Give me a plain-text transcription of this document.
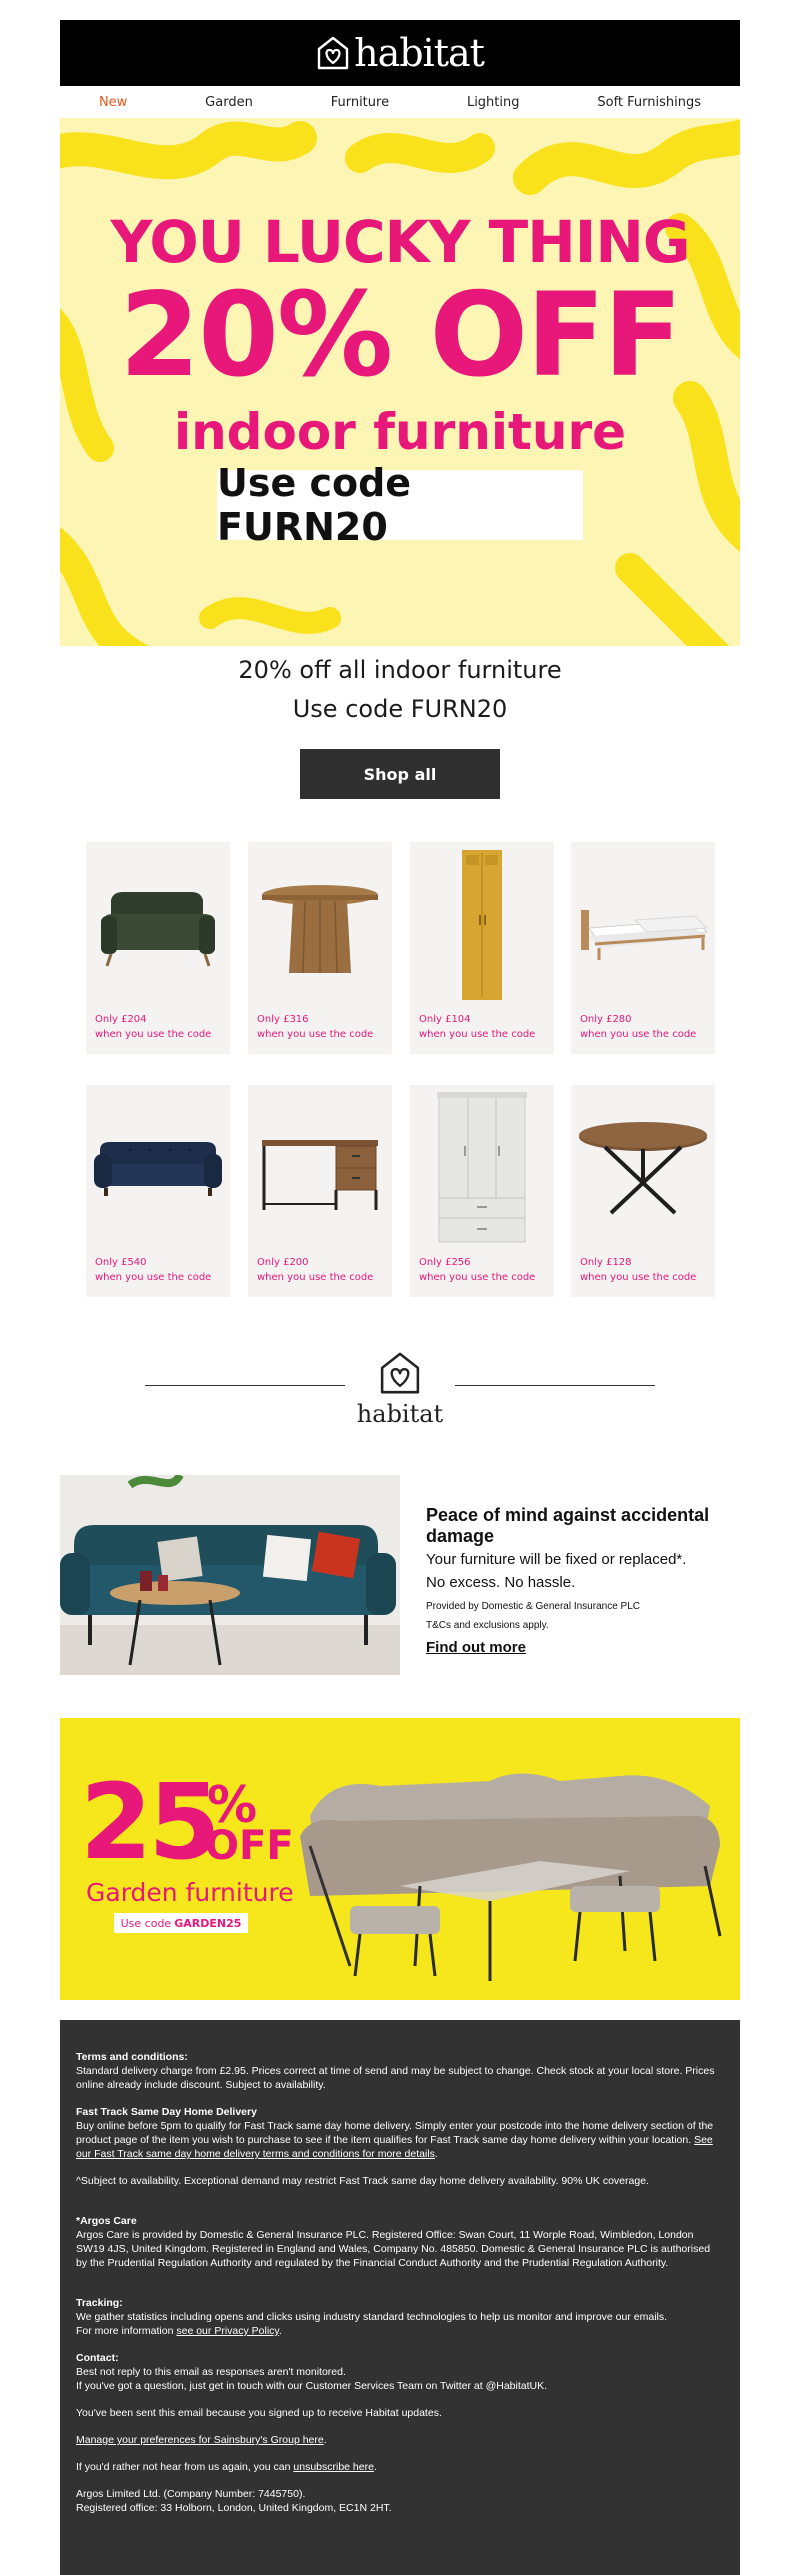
habitat
New	Garden	Furniture	Lighting	Soft Furnishings
YOU LUCKY THING
20% OFF
indoor furniture
Use code FURN20
20% off all indoor furniture
Use code FURN20
Shop all
Only £204
when you use the code
Only £316
when you use the code
Only £104
when you use the code
Only £280
when you use the code
Only £540
when you use the code
Only £200
when you use the code
Only £256
when you use the code
Only £128
when you use the code
habitat
Peace of mind against accidental damage
Your furniture will be fixed or replaced*.
No excess. No hassle.
Provided by Domestic & General Insurance PLC
T&Cs and exclusions apply.
Find out more
25
%
OFF
Garden furniture
Use code GARDEN25

Terms and conditions:

Standard delivery charge from £2.95. Prices correct at time of send and may be subject to change. Check stock at your local store. Prices online already include discount. Subject to availability.

Fast Track Same Day Home Delivery

Buy online before 5pm to qualify for Fast Track same day home delivery. Simply enter your postcode into the home delivery section of the product page of the item you wish to purchase to see if the item qualifies for Fast Track same day home delivery within your location. See our Fast Track same day home delivery terms and conditions for more details.

^Subject to availability. Exceptional demand may restrict Fast Track same day home delivery availability. 90% UK coverage.

*Argos Care

Argos Care is provided by Domestic & General Insurance PLC. Registered Office: Swan Court, 11 Worple Road, Wimbledon, London SW19 4JS, United Kingdom. Registered in England and Wales, Company No. 485850. Domestic & General Insurance PLC is authorised by the Prudential Regulation Authority and regulated by the Financial Conduct Authority and the Prudential Regulation Authority.

Tracking:

We gather statistics including opens and clicks using industry standard technologies to help us monitor and improve our emails.

For more information see our Privacy Policy.

Contact:

Best not reply to this email as responses aren't monitored.

If you've got a question, just get in touch with our Customer Services Team on Twitter at @HabitatUK.

You've been sent this email because you signed up to receive Habitat updates.

Manage your preferences for Sainsbury's Group here.

If you'd rather not hear from us again, you can unsubscribe here.

Argos Limited Ltd. (Company Number: 7445750).

Registered office: 33 Holborn, London, United Kingdom, EC1N 2HT.
